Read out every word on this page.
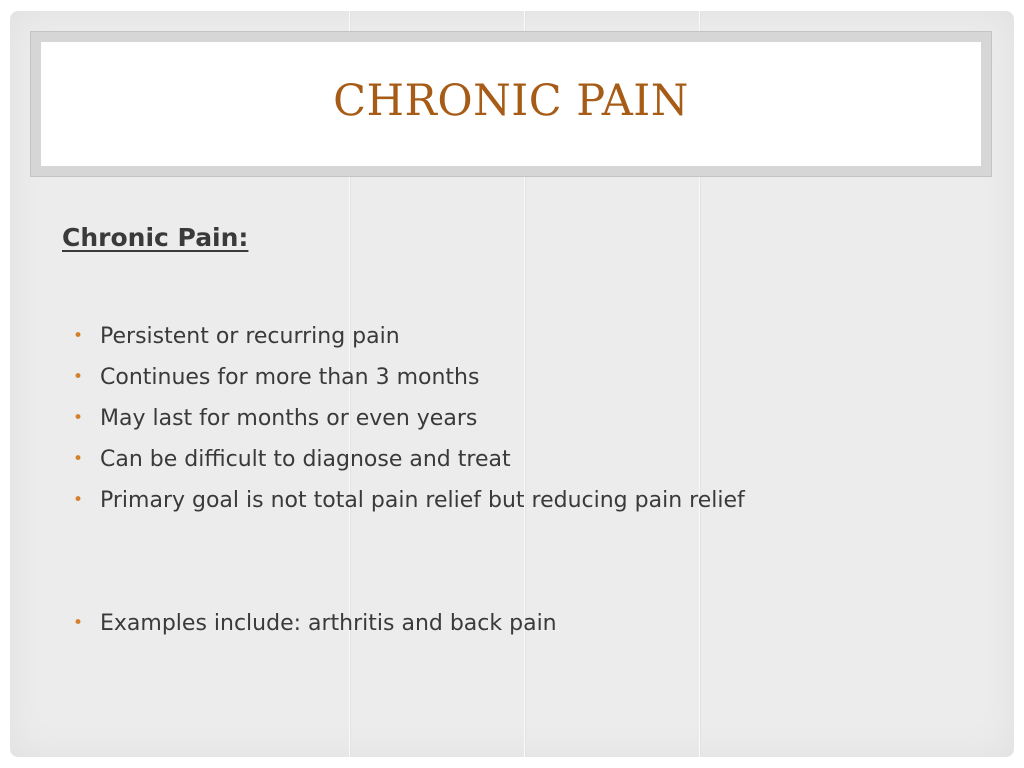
CHRONIC PAIN
Chronic Pain:
• Persistent or recurring pain
• Continues for more than 3 months
• May last for months or even years
• Can be difficult to diagnose and treat
• Primary goal is not total pain relief but reducing pain relief
• Examples include: arthritis and back pain
